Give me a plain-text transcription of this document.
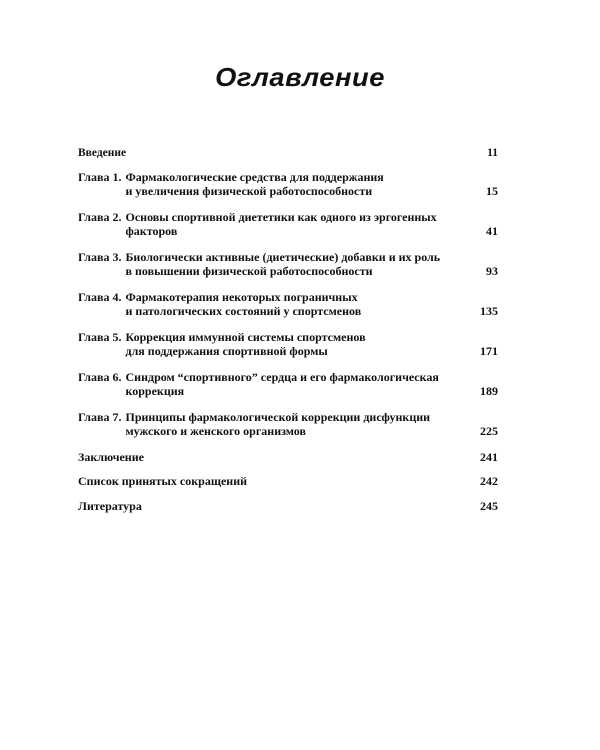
Оглавление
Введение	11
Глава 1. Фармакологические средства для поддержания
и увеличения физической работоспособности	15
Глава 2. Основы спортивной диететики как одного из эргогенных
факторов	41
Глава 3. Биологически активные (диетические) добавки и их роль
в повышении физической работоспособности	93
Глава 4. Фармакотерапия некоторых пограничных
и патологических состояний у спортсменов	135
Глава 5. Коррекция иммунной системы спортсменов
для поддержания спортивной формы	171
Глава 6. Синдром “спортивного” сердца и его фармакологическая
коррекция	189
Глава 7. Принципы фармакологической коррекции дисфункции
мужского и женского организмов	225
Заключение	241
Список принятых сокращений	242
Литература	245
